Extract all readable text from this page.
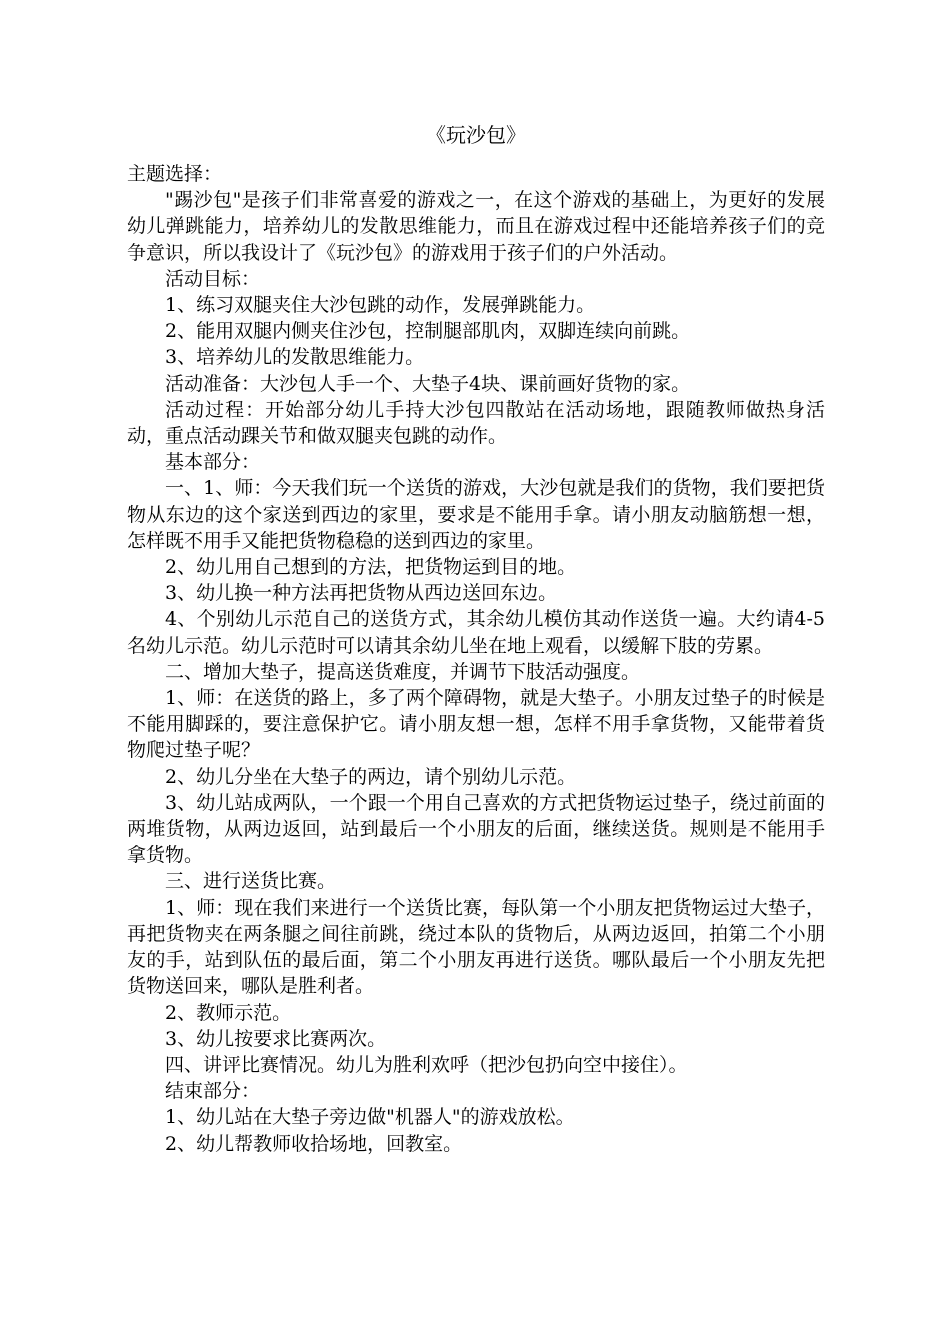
《玩沙包》

主题选择：

"踢沙包"是孩子们非常喜爱的游戏之一，在这个游戏的基础上，为更好的发展幼儿弹跳能力，培养幼儿的发散思维能力，而且在游戏过程中还能培养孩子们的竞争意识，所以我设计了《玩沙包》的游戏用于孩子们的户外活动。

活动目标：

1、练习双腿夹住大沙包跳的动作，发展弹跳能力。

2、能用双腿内侧夹住沙包，控制腿部肌肉，双脚连续向前跳。

3、培养幼儿的发散思维能力。

活动准备：大沙包人手一个、大垫子4块、课前画好货物的家。

活动过程：开始部分幼儿手持大沙包四散站在活动场地，跟随教师做热身活动，重点活动踝关节和做双腿夹包跳的动作。

基本部分：

一、1、师：今天我们玩一个送货的游戏，大沙包就是我们的货物，我们要把货物从东边的这个家送到西边的家里，要求是不能用手拿。请小朋友动脑筋想一想，怎样既不用手又能把货物稳稳的送到西边的家里。

2、幼儿用自己想到的方法，把货物运到目的地。

3、幼儿换一种方法再把货物从西边送回东边。

4、个别幼儿示范自己的送货方式，其余幼儿模仿其动作送货一遍。大约请4-5名幼儿示范。幼儿示范时可以请其余幼儿坐在地上观看，以缓解下肢的劳累。

二、增加大垫子，提高送货难度，并调节下肢活动强度。

1、师：在送货的路上，多了两个障碍物，就是大垫子。小朋友过垫子的时候是不能用脚踩的，要注意保护它。请小朋友想一想，怎样不用手拿货物，又能带着货物爬过垫子呢？

2、幼儿分坐在大垫子的两边，请个别幼儿示范。

3、幼儿站成两队，一个跟一个用自己喜欢的方式把货物运过垫子，绕过前面的两堆货物，从两边返回，站到最后一个小朋友的后面，继续送货。规则是不能用手拿货物。

三、进行送货比赛。

1、师：现在我们来进行一个送货比赛，每队第一个小朋友把货物运过大垫子，再把货物夹在两条腿之间往前跳，绕过本队的货物后，从两边返回，拍第二个小朋友的手，站到队伍的最后面，第二个小朋友再进行送货。哪队最后一个小朋友先把货物送回来，哪队是胜利者。

2、教师示范。

3、幼儿按要求比赛两次。

四、讲评比赛情况。幼儿为胜利欢呼（把沙包扔向空中接住）。

结束部分：

1、幼儿站在大垫子旁边做"机器人"的游戏放松。

2、幼儿帮教师收拾场地，回教室。
